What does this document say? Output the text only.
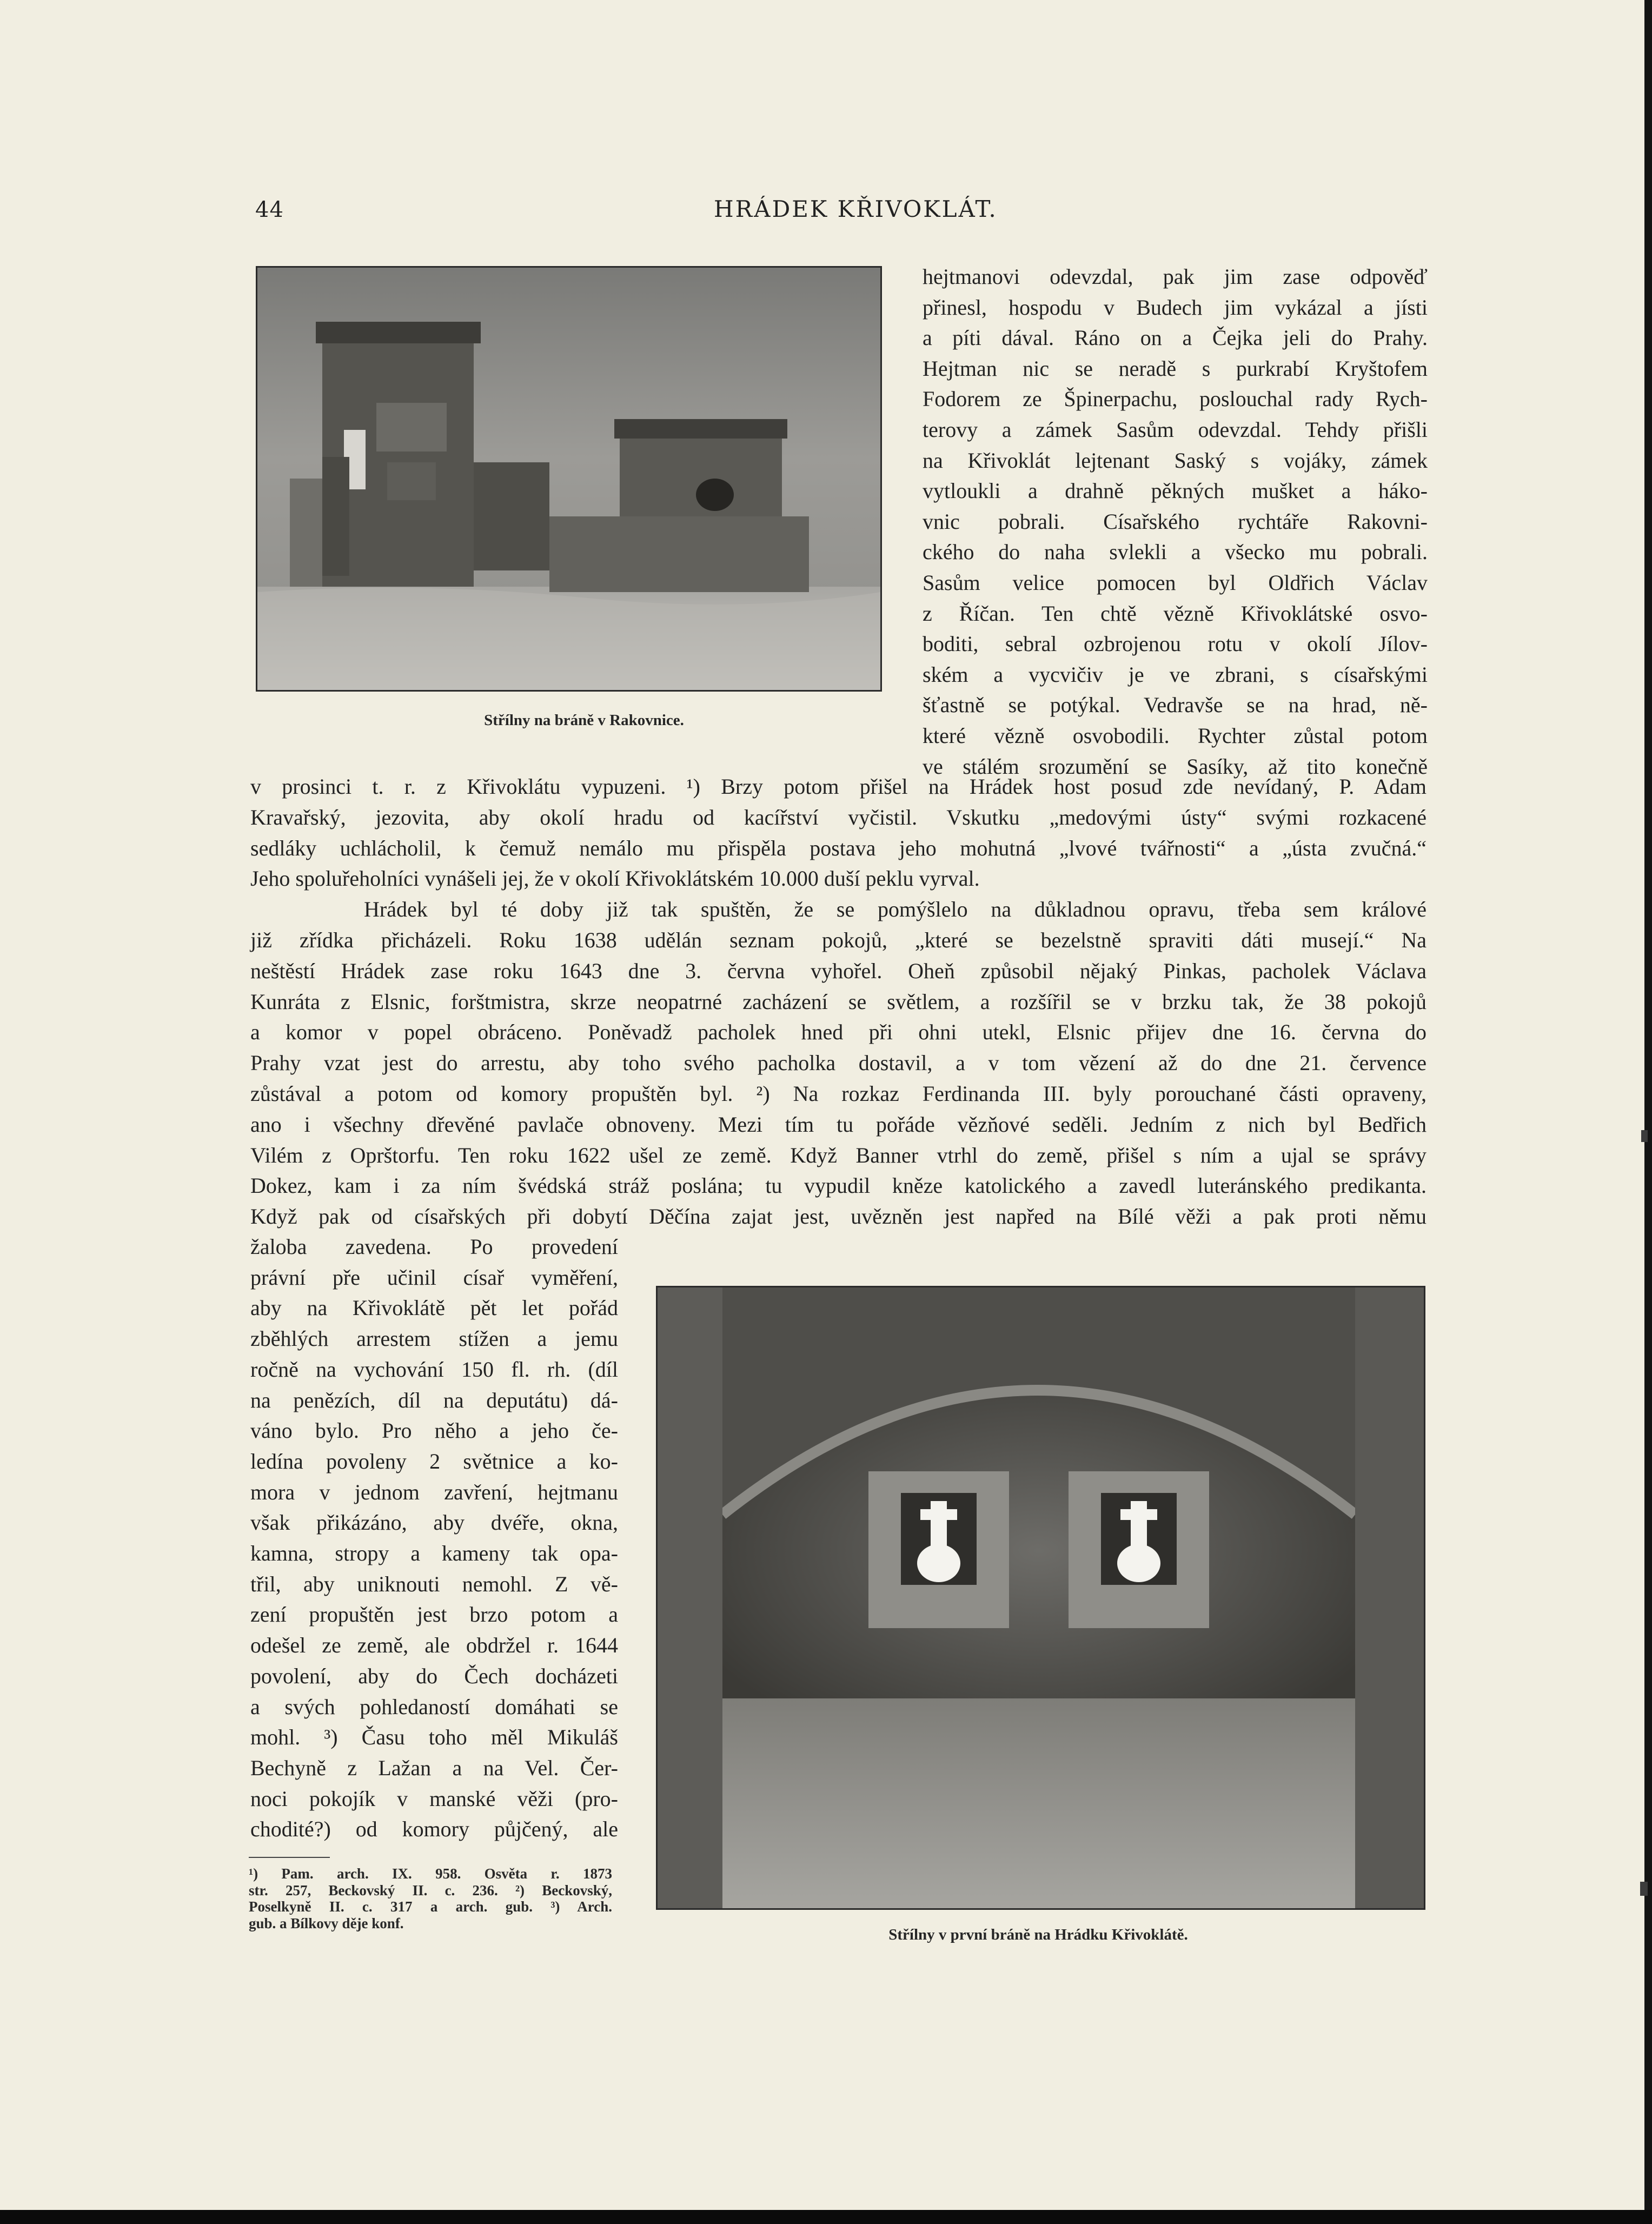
44	HRÁDEK KŘIVOKLÁT.
Střílny na bráně v Rakovnice.
hejtmanovi odevzdal, pak jim zase odpověď
přinesl, hospodu v Budech jim vykázal a jísti
a píti dával. Ráno on a Čejka jeli do Prahy.
Hejtman nic se neradě s purkrabí Kryštofem
Fodorem ze Špinerpachu, poslouchal rady Rych-
terovy a zámek Sasům odevzdal. Tehdy přišli
na Křivoklát lejtenant Saský s vojáky, zámek
vytloukli a drahně pěkných mušket a háko-
vnic pobrali. Císařského rychtáře Rakovni-
ckého do naha svlekli a všecko mu pobrali.
Sasům velice pomocen byl Oldřich Václav
z Říčan. Ten chtě vězně Křivoklátské osvo-
boditi, sebral ozbrojenou rotu v okolí Jílov-
ském a vycvičiv je ve zbrani, s císařskými
šťastně se potýkal. Vedravše se na hrad, ně-
které vězně osvobodili. Rychter zůstal potom
ve stálém srozumění se Sasíky, až tito konečně
v prosinci t. r. z Křivoklátu vypuzeni. ¹) Brzy potom přišel na Hrádek host posud zde nevídaný, P. Adam
Kravařský, jezovita, aby okolí hradu od kacířství vyčistil. Vskutku „medovými ústy“ svými rozkacené
sedláky uchlácholil, k čemuž nemálo mu přispěla postava jeho mohutná „lvové tvářnosti“ a „ústa zvučná.“
Jeho spoluřeholníci vynášeli jej, že v okolí Křivoklátském 10.000 duší peklu vyrval.
Hrádek byl té doby již tak spuštěn, že se pomýšlelo na důkladnou opravu, třeba sem králové
již zřídka přicházeli. Roku 1638 udělán seznam pokojů, „které se bezelstně spraviti dáti musejí.“ Na
neštěstí Hrádek zase roku 1643 dne 3. června vyhořel. Oheň způsobil nějaký Pinkas, pacholek Václava
Kunráta z Elsnic, forštmistra, skrze neopatrné zacházení se světlem, a rozšířil se v brzku tak, že 38 pokojů
a komor v popel obráceno. Poněvadž pacholek hned při ohni utekl, Elsnic přijev dne 16. června do
Prahy vzat jest do arrestu, aby toho svého pacholka dostavil, a v tom vězení až do dne 21. července
zůstával a potom od komory propuštěn byl. ²) Na rozkaz Ferdinanda III. byly porouchané části opraveny,
ano i všechny dřevěné pavlače obnoveny. Mezi tím tu pořáde vězňové seděli. Jedním z nich byl Bedřich
Vilém z Oprštorfu. Ten roku 1622 ušel ze země. Když Banner vtrhl do země, přišel s ním a ujal se správy
Dokez, kam i za ním švédská stráž poslána; tu vypudil kněze katolického a zavedl luteránského predikanta.
Když pak od císařských při dobytí Děčína zajat jest, uvězněn jest napřed na Bílé věži a pak proti němu
žaloba zavedena. Po provedení
právní pře učinil císař vyměření,
aby na Křivoklátě pět let pořád
zběhlých arrestem stížen a jemu
ročně na vychování 150 fl. rh. (díl
na penězích, díl na deputátu) dá-
váno bylo. Pro něho a jeho če-
ledína povoleny 2 světnice a ko-
mora v jednom zavření, hejtmanu
však přikázáno, aby dvéře, okna,
kamna, stropy a kameny tak opa-
třil, aby uniknouti nemohl. Z vě-
zení propuštěn jest brzo potom a
odešel ze země, ale obdržel r. 1644
povolení, aby do Čech docházeti
a svých pohledaností domáhati se
mohl. ³) Času toho měl Mikuláš
Bechyně z Lažan a na Vel. Čer-
noci pokojík v manské věži (pro-
chodité?) od komory půjčený, ale
Střílny v první bráně na Hrádku Křivoklátě.
¹) Pam. arch. IX. 958. Osvěta r. 1873
str. 257, Beckovský II. c. 236. ²) Beckovský,
Poselkyně II. c. 317 a arch. gub. ³) Arch.
gub. a Bílkovy děje konf.
